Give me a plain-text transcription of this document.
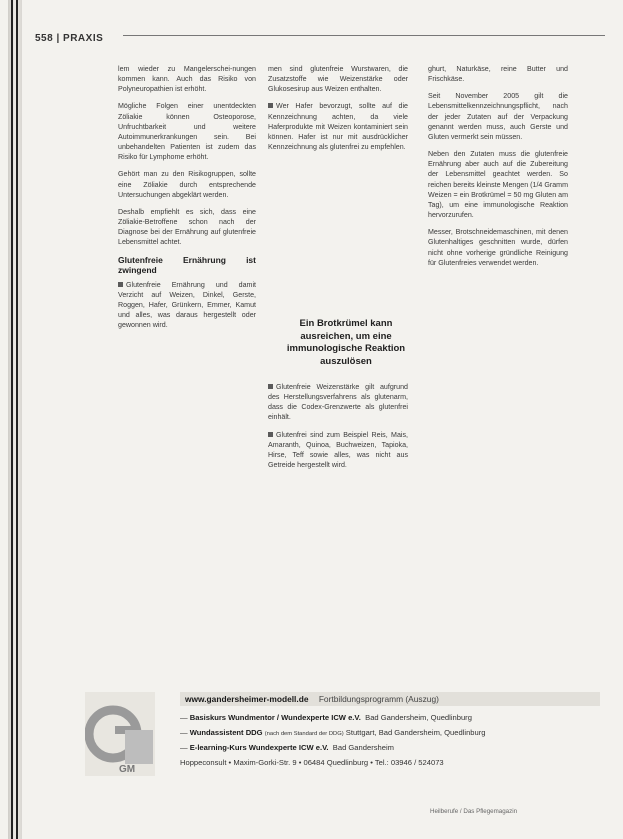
558 | PRAXIS

lem wieder zu Mangelerschei-nungen kommen kann. Auch das Risiko von Polyneuropathien ist erhöht.

Mögliche Folgen einer unentdeckten Zöliakie können Osteoporose, Unfruchtbarkeit und weitere Autoimmunerkrankungen sein. Bei unbehandelten Patienten ist zudem das Risiko für Lymphome erhöht.

Gehört man zu den Risikogruppen, sollte eine Zöliakie durch entsprechende Untersuchungen abgeklärt werden.

Deshalb empfiehlt es sich, dass eine Zöliakie-Betroffene schon nach der Diagnose bei der Ernährung auf glutenfreie Lebensmittel achtet.

Glutenfreie Ernährung ist zwingend

Glutenfreie Ernährung und damit Verzicht auf Weizen, Dinkel, Gerste, Roggen, Hafer, Grünkern, Emmer, Kamut und alles, was daraus hergestellt oder gewonnen wird.

men sind glutenfreie Wurstwaren, die Zusatzstoffe wie Weizenstärke oder Glukosesirup aus Weizen enthalten.

Wer Hafer bevorzugt, sollte auf die Kennzeichnung achten, da viele Haferprodukte mit Weizen kontaminiert sein können. Hafer ist nur mit ausdrücklicher Kennzeichnung als glutenfrei zu empfehlen.

Ein Brotkrümel kann ausreichen, um eine immunologische Reaktion auszulösen

Glutenfreie Weizenstärke gilt aufgrund des Herstellungsverfahrens als glutenarm, dass die Codex-Grenzwerte als glutenfrei einhält.

Glutenfrei sind zum Beispiel Reis, Mais, Amaranth, Quinoa, Buchweizen, Tapioka, Hirse, Teff sowie alles, was nicht aus Getreide hergestellt wird.

ghurt, Naturkäse, reine Butter und Frischkäse.

Seit November 2005 gilt die Lebensmittelkennzeichnungspflicht, nach der jeder Zutaten auf der Verpackung genannt werden muss, auch Gerste und Gluten vermerkt sein müssen.

Neben den Zutaten muss die glutenfreie Ernährung aber auch auf die Zubereitung der Lebensmittel geachtet werden. So reichen bereits kleinste Mengen (1/4 Gramm Weizen = ein Brotkrümel = 50 mg Gluten am Tag), um eine immunologische Reaktion hervorzurufen.

Messer, Brotschneidemaschinen, mit denen Glutenhaltiges geschnitten wurde, dürfen nicht ohne vorherige gründliche Reinigung für Glutenfreies verwendet werden.

GM
www.gandersheimer-modell.de Fortbildungsprogramm (Auszug)
— Basiskurs Wundmentor / Wundexperte ICW e.V. Bad Gandersheim, Quedlinburg
— Wundassistent DDG (nach dem Standard der DDG) Stuttgart, Bad Gandersheim, Quedlinburg
— E-learning-Kurs Wundexperte ICW e.V. Bad Gandersheim
Hoppeconsult • Maxim-Gorki-Str. 9 • 06484 Quedlinburg • Tel.: 03946 / 524073
Heilberufe / Das Pflegemagazin
